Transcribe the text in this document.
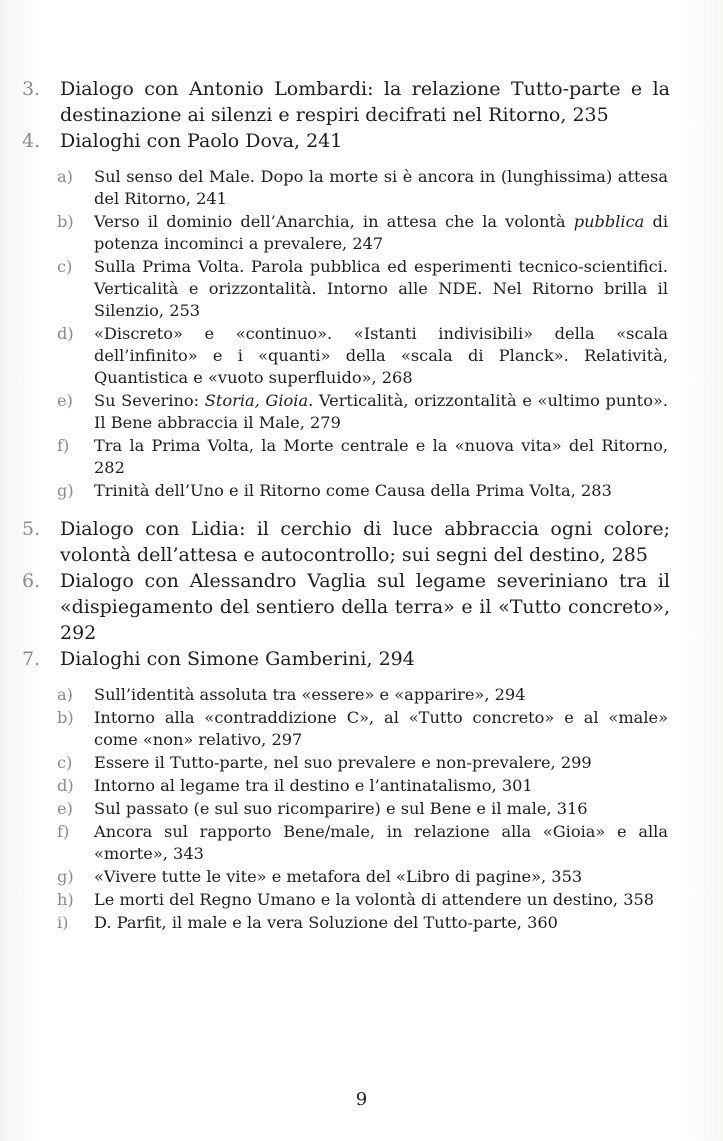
3. Dialogo con Antonio Lombardi: la relazione Tutto-parte e la destinazione ai silenzi e respiri decifrati nel Ritorno, 235
4. Dialoghi con Paolo Dova, 241
a) Sul senso del Male. Dopo la morte si è ancora in (lunghissima) attesa del Ritorno, 241
b) Verso il dominio dell’Anarchia, in attesa che la volontà pubblica di potenza incominci a prevalere, 247
c) Sulla Prima Volta. Parola pubblica ed esperimenti tecnico-scientifici. Verticalità e orizzontalità. Intorno alle NDE. Nel Ritorno brilla il Silenzio, 253
d) «Discreto» e «continuo». «Istanti indivisibili» della «scala dell’infinito» e i «quanti» della «scala di Planck». Relatività, Quantistica e «vuoto superfluido», 268
e) Su Severino: Storia, Gioia. Verticalità, orizzontalità e «ultimo punto». Il Bene abbraccia il Male, 279
f) Tra la Prima Volta, la Morte centrale e la «nuova vita» del Ritorno, 282
g) Trinità dell’Uno e il Ritorno come Causa della Prima Volta, 283
5. Dialogo con Lidia: il cerchio di luce abbraccia ogni colore; volontà dell’attesa e autocontrollo; sui segni del destino, 285
6. Dialogo con Alessandro Vaglia sul legame severiniano tra il «dispiegamento del sentiero della terra» e il «Tutto concreto», 292
7. Dialoghi con Simone Gamberini, 294
a) Sull’identità assoluta tra «essere» e «apparire», 294
b) Intorno alla «contraddizione C», al «Tutto concreto» e al «male» come «non» relativo, 297
c) Essere il Tutto-parte, nel suo prevalere e non-prevalere, 299
d) Intorno al legame tra il destino e l’antinatalismo, 301
e) Sul passato (e sul suo ricomparire) e sul Bene e il male, 316
f) Ancora sul rapporto Bene/male, in relazione alla «Gioia» e alla «morte», 343
g) «Vivere tutte le vite» e metafora del «Libro di pagine», 353
h) Le morti del Regno Umano e la volontà di attendere un destino, 358
i) D. Parfit, il male e la vera Soluzione del Tutto-parte, 360
9
